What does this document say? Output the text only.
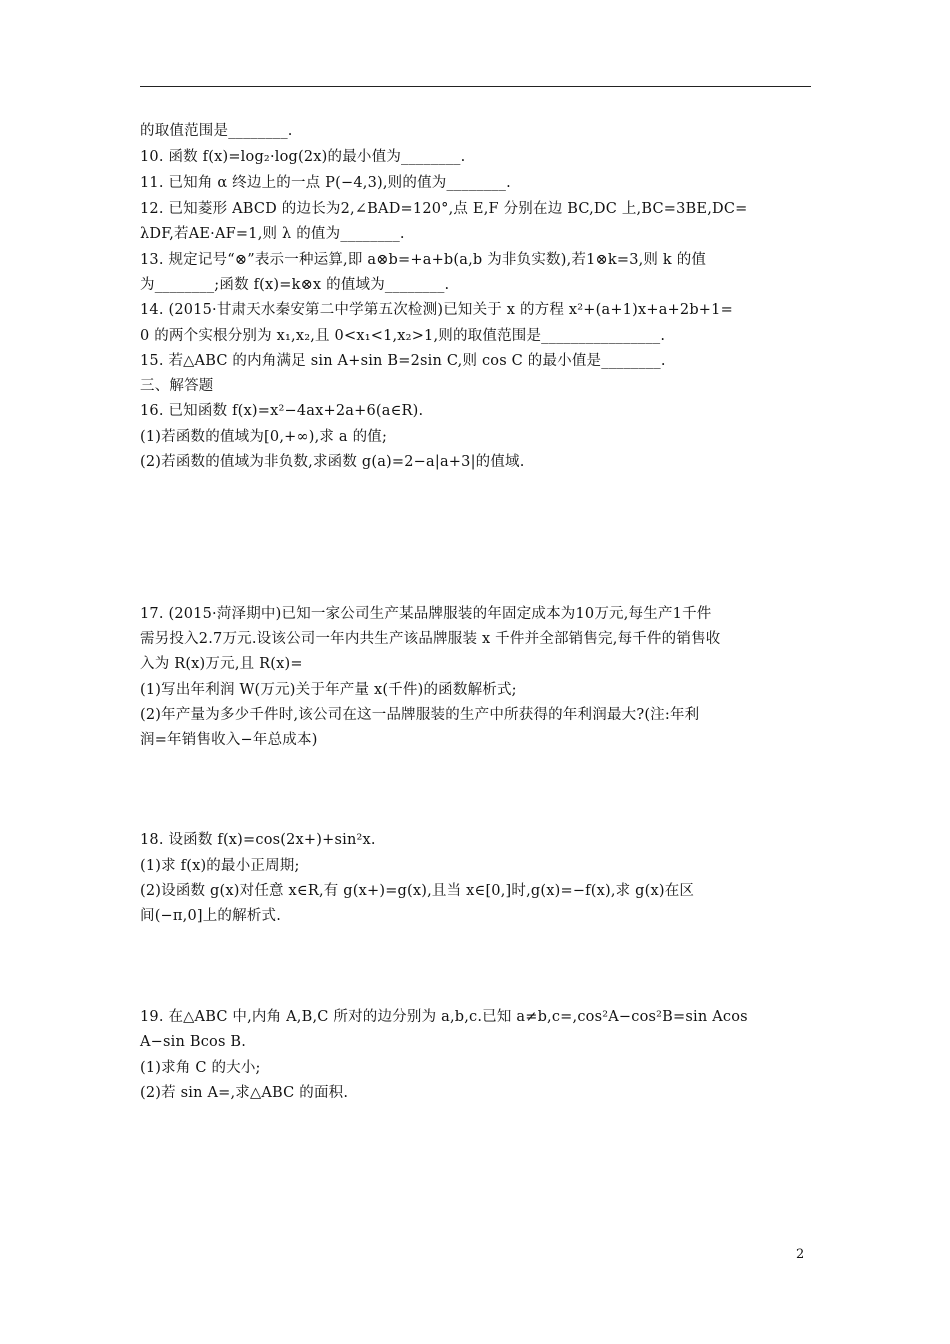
的取值范围是________.
10. 函数 f(x)=log₂·log(2x)的最小值为________.
11. 已知角 α 终边上的一点 P(−4,3),则的值为________.
12. 已知菱形 ABCD 的边长为2,∠BAD=120°,点 E,F 分别在边 BC,DC 上,BC=3BE,DC=
λDF,若AE·AF=1,则 λ 的值为________.
13. 规定记号“⊗”表示一种运算,即 a⊗b=+a+b(a,b 为非负实数),若1⊗k=3,则 k 的值
为________;函数 f(x)=k⊗x 的值域为________.
14. (2015·甘肃天水秦安第二中学第五次检测)已知关于 x 的方程 x²+(a+1)x+a+2b+1=
0 的两个实根分别为 x₁,x₂,且 0<x₁<1,x₂>1,则的取值范围是________________.
15. 若△ABC 的内角满足 sin A+sin B=2sin C,则 cos C 的最小值是________.
三、解答题
16. 已知函数 f(x)=x²−4ax+2a+6(a∈R).
(1)若函数的值域为[0,+∞),求 a 的值;
(2)若函数的值域为非负数,求函数 g(a)=2−a|a+3|的值域.
17. (2015·菏泽期中)已知一家公司生产某品牌服装的年固定成本为10万元,每生产1千件
需另投入2.7万元.设该公司一年内共生产该品牌服装 x 千件并全部销售完,每千件的销售收
入为 R(x)万元,且 R(x)=
(1)写出年利润 W(万元)关于年产量 x(千件)的函数解析式;
(2)年产量为多少千件时,该公司在这一品牌服装的生产中所获得的年利润最大?(注:年利
润=年销售收入−年总成本)
18. 设函数 f(x)=cos(2x+)+sin²x.
(1)求 f(x)的最小正周期;
(2)设函数 g(x)对任意 x∈R,有 g(x+)=g(x),且当 x∈[0,]时,g(x)=−f(x),求 g(x)在区
间(−π,0]上的解析式.
19. 在△ABC 中,内角 A,B,C 所对的边分别为 a,b,c.已知 a≠b,c=,cos²A−cos²B=sin Acos
A−sin Bcos B.
(1)求角 C 的大小;
(2)若 sin A=,求△ABC 的面积.
2
